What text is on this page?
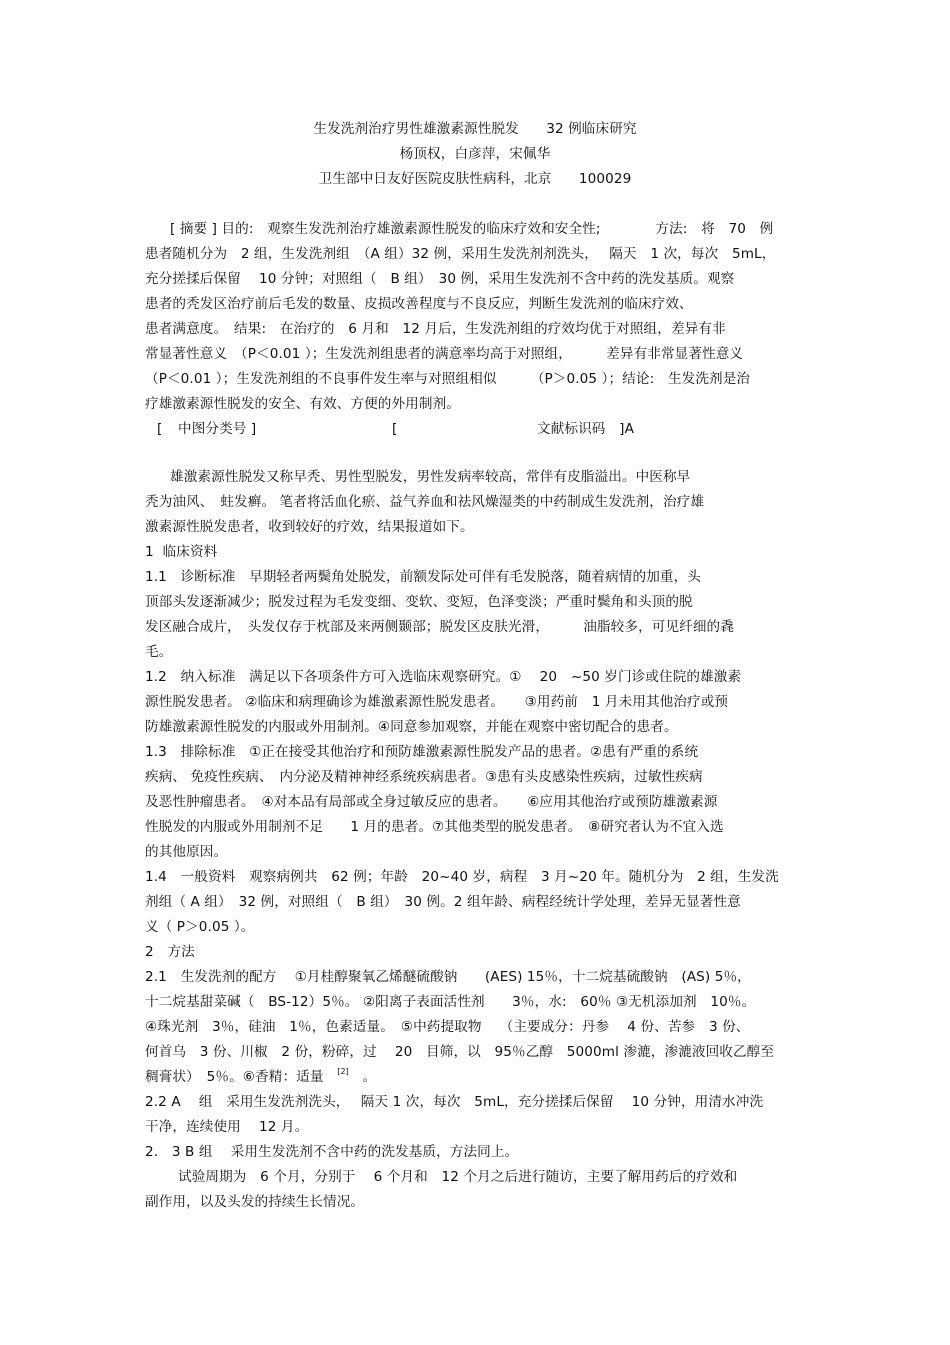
生发洗剂治疗男性雄激素源性脱发　　32 例临床研究
杨顶权，白彦萍，宋佩华
卫生部中日友好医院皮肤性病科，北京　　100029
[ 摘要 ] 目的:　观察生发洗剂治疗雄激素源性脱发的临床疗效和安全性;　　　　方法:　将　70　例
患者随机分为　2 组，生发洗剂组　（A 组）32 例，采用生发洗剂剂洗头，　 隔天　1 次，每次　5mL，
充分搓揉后保留　 10 分钟；对照组（　B 组）　30 例，采用生发洗剂不含中药的洗发基质。观察
患者的秃发区治疗前后毛发的数量、皮损改善程度与不良反应，判断生发洗剂的临床疗效、
患者满意度。　结果:　在治疗的　6 月和　12 月后，生发洗剂组的疗效均优于对照组，差异有非
常显著性意义　（P＜0.01 ）；生发洗剂组患者的满意率均高于对照组，　　　差异有非常显著性意义
（P＜0.01 ）；生发洗剂组的不良事件发生率与对照组相似　　　（P＞0.05 ）；结论:　生发洗剂是治
疗雄激素源性脱发的安全、有效、方便的外用制剂。
[ 中图分类号 ]	[	文献标识码　]A
雄激素源性脱发又称早秃、男性型脱发，男性发病率较高，常伴有皮脂溢出。中医称早
秃为油风、　蛀发癣。 笔者将活血化瘀、益气养血和祛风燥湿类的中药制成生发洗剂，治疗雄
激素源性脱发患者，收到较好的疗效，结果报道如下。
1  临床资料
1.1　诊断标准　早期轻者两鬓角处脱发，前额发际处可伴有毛发脱落，随着病情的加重，头
顶部头发逐渐减少；脱发过程为毛发变细、变软、变短，色泽变淡；严重时鬓角和头顶的脱
发区融合成片，　头发仅存于枕部及来两侧颞部；脱发区皮肤光滑，　　　油脂较多，可见纤细的毳
毛。
1.2　纳入标准　满足以下各项条件方可入选临床观察研究。①　 20　~50 岁门诊或住院的雄激素
源性脱发患者。 ②临床和病理确诊为雄激素源性脱发患者。　　③用药前　1 月未用其他治疗或预
防雄激素源性脱发的内服或外用制剂。④同意参加观察，并能在观察中密切配合的患者。
1.3　排除标准　①正在接受其他治疗和预防雄激素源性脱发产品的患者。②患有严重的系统
疾病、 免疫性疾病、　内分泌及精神神经系统疾病患者。③患有头皮感染性疾病，过敏性疾病
及恶性肿瘤患者。　④对本品有局部或全身过敏反应的患者。　　⑥应用其他治疗或预防雄激素源
性脱发的内服或外用制剂不足　　1 月的患者。⑦其他类型的脱发患者。　⑧研究者认为不宜入选
的其他原因。
1.4　一般资料　观察病例共　62 例；年龄　20~40 岁，病程　3 月~20 年。随机分为　2 组，生发洗
剂组（ A 组）　32 例，对照组（　B 组）　30 例。2 组年龄、病程经统计学处理，差异无显著性意
义（ P＞0.05 ）。
2　方法
2.1　生发洗剂的配方　 ①月桂醇聚氧乙烯醚硫酸钠　　(AES) 15％，十二烷基硫酸钠　(AS) 5％，
十二烷基甜菜碱（　BS-12）5％。 ②阳离子表面活性剂　　3％，水:　60％ ③无机添加剂　10％。
④珠光剂　3％，硅油　1％，色素适量。　⑤中药提取物　 （主要成分：丹参　 4 份、苦参　3 份、
何首乌　3 份、川椒　2 份，粉碎，过　 20　目筛，以　95％乙醇　5000ml 渗漉，渗漉液回收乙醇至
稠膏状）　5％。⑥香精：适量　[2]　。
2.2 A　 组　采用生发洗剂洗头，　 隔天 1 次，每次　5mL，充分搓揉后保留　 10 分钟，用清水冲洗
干净，连续使用　 12 月。
2.　3 B 组　 采用生发洗剂不含中药的洗发基质，方法同上。
试验周期为　6 个月，分别于　 6 个月和　12 个月之后进行随访，主要了解用药后的疗效和
副作用，以及头发的持续生长情况。
